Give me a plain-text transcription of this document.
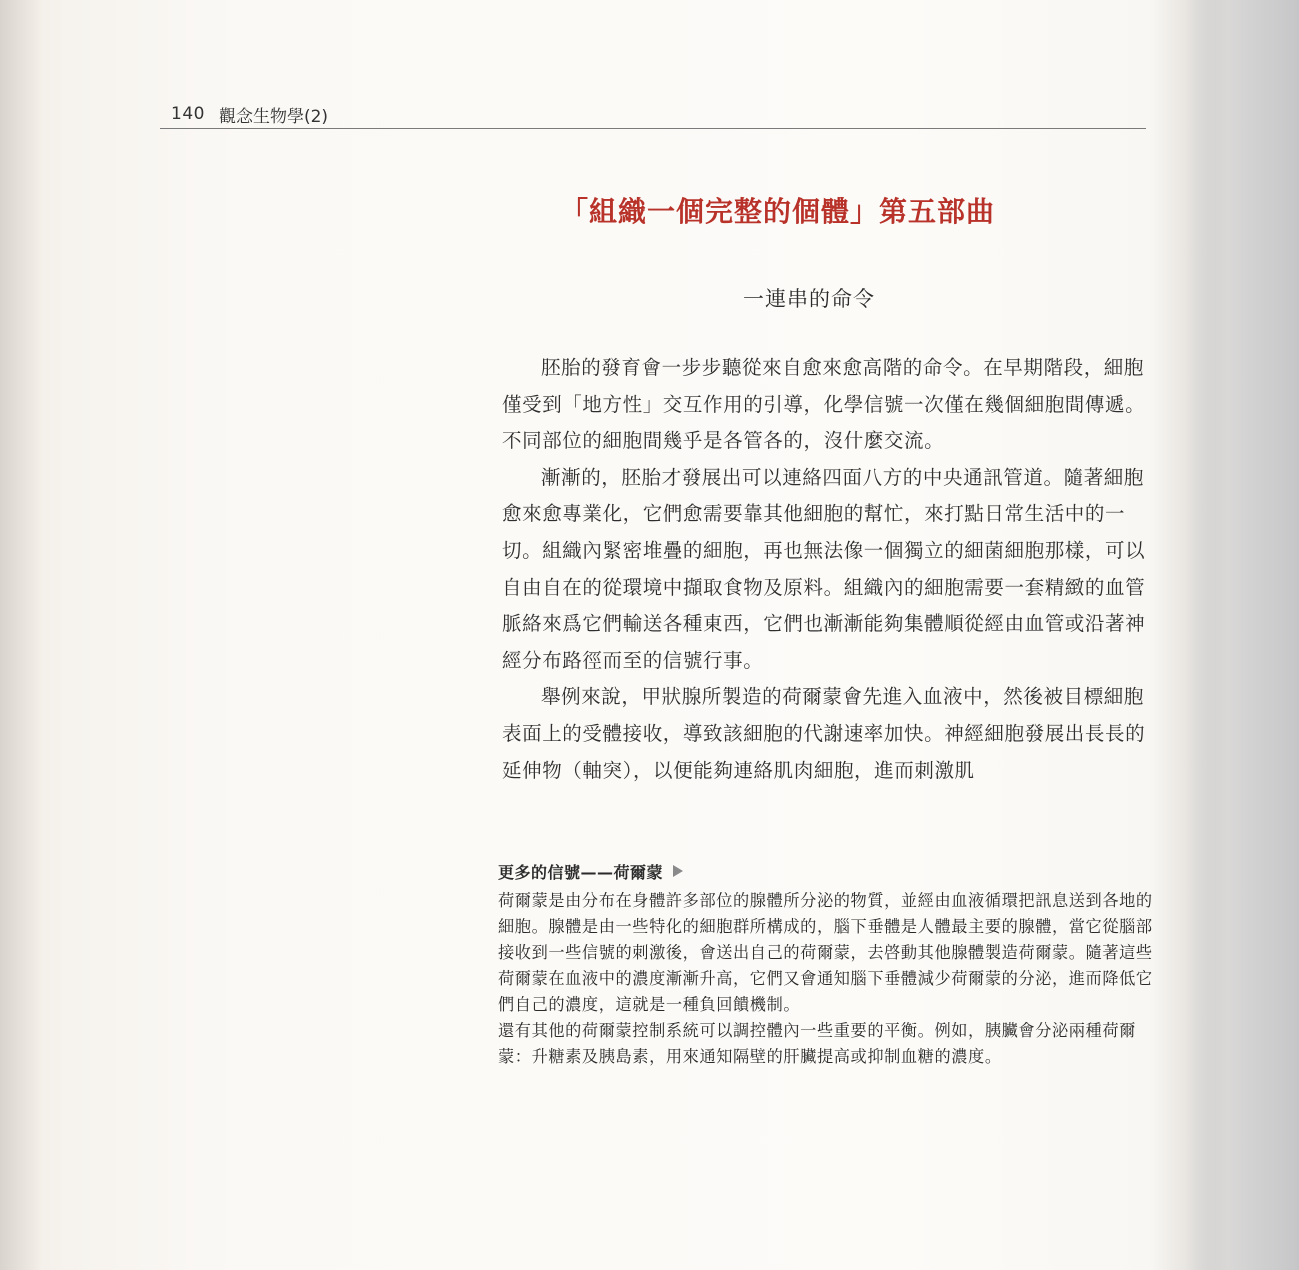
140 觀念生物學(2)
「組織一個完整的個體」第五部曲
一連串的命令

胚胎的發育會一步步聽從來自愈來愈高階的命令。在早期階段，細胞僅受到「地方性」交互作用的引導，化學信號一次僅在幾個細胞間傳遞。不同部位的細胞間幾乎是各管各的，沒什麼交流。

漸漸的，胚胎才發展出可以連絡四面八方的中央通訊管道。隨著細胞愈來愈專業化，它們愈需要靠其他細胞的幫忙，來打點日常生活中的一切。組織內緊密堆疊的細胞，再也無法像一個獨立的細菌細胞那樣，可以自由自在的從環境中擷取食物及原料。組織內的細胞需要一套精緻的血管脈絡來爲它們輸送各種東西，它們也漸漸能夠集體順從經由血管或沿著神經分布路徑而至的信號行事。

舉例來說，甲狀腺所製造的荷爾蒙會先進入血液中，然後被目標細胞表面上的受體接收，導致該細胞的代謝速率加快。神經細胞發展出長長的延伸物（軸突），以便能夠連絡肌肉細胞，進而刺激肌

更多的信號——荷爾蒙

荷爾蒙是由分布在身體許多部位的腺體所分泌的物質，並經由血液循環把訊息送到各地的細胞。腺體是由一些特化的細胞群所構成的，腦下垂體是人體最主要的腺體，當它從腦部接收到一些信號的刺激後，會送出自己的荷爾蒙，去啓動其他腺體製造荷爾蒙。隨著這些荷爾蒙在血液中的濃度漸漸升高，它們又會通知腦下垂體減少荷爾蒙的分泌，進而降低它們自己的濃度，這就是一種負回饋機制。

還有其他的荷爾蒙控制系統可以調控體內一些重要的平衡。例如，胰臟會分泌兩種荷爾蒙：升糖素及胰島素，用來通知隔壁的肝臟提高或抑制血糖的濃度。
